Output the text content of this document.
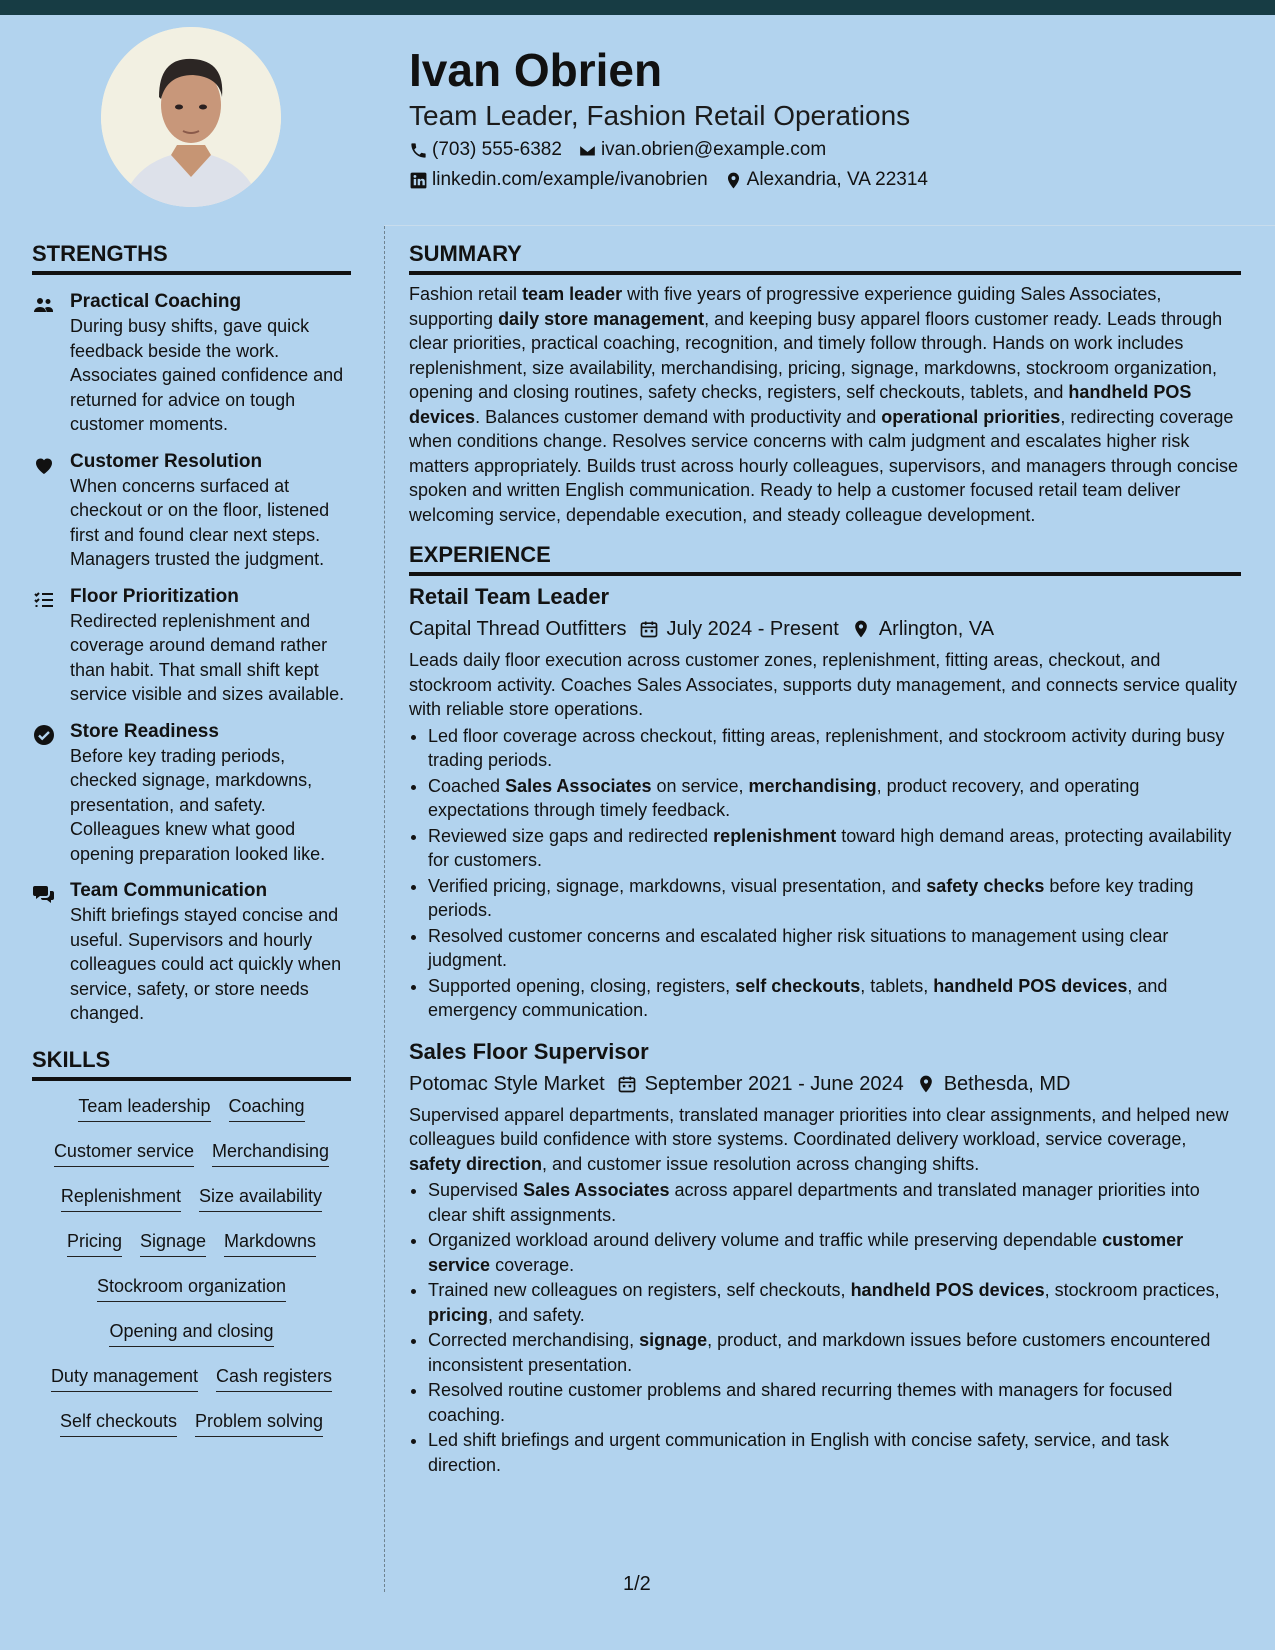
Ivan Obrien
Team Leader, Fashion Retail Operations
(703) 555-6382 ivan.obrien@example.com
linkedin.com/example/ivanobrien Alexandria, VA 22314
STRENGTHS
Practical Coaching
During busy shifts, gave quick feedback beside the work. Associates gained confidence and returned for advice on tough customer moments.
Customer Resolution
When concerns surfaced at checkout or on the floor, listened first and found clear next steps. Managers trusted the judgment.
Floor Prioritization
Redirected replenishment and coverage around demand rather than habit. That small shift kept service visible and sizes available.
Store Readiness
Before key trading periods, checked signage, markdowns, presentation, and safety. Colleagues knew what good opening preparation looked like.
Team Communication
Shift briefings stayed concise and useful. Supervisors and hourly colleagues could act quickly when service, safety, or store needs changed.
SKILLS
Team leadership Coaching
Customer service Merchandising
Replenishment Size availability
Pricing Signage Markdowns
Stockroom organization
Opening and closing
Duty management Cash registers
Self checkouts Problem solving
SUMMARY
Fashion retail team leader with five years of progressive experience guiding Sales Associates, supporting daily store management, and keeping busy apparel floors customer ready. Leads through clear priorities, practical coaching, recognition, and timely follow through. Hands on work includes replenishment, size availability, merchandising, pricing, signage, markdowns, stockroom organization, opening and closing routines, safety checks, registers, self checkouts, tablets, and handheld POS devices. Balances customer demand with productivity and operational priorities, redirecting coverage when conditions change. Resolves service concerns with calm judgment and escalates higher risk matters appropriately. Builds trust across hourly colleagues, supervisors, and managers through concise spoken and written English communication. Ready to help a customer focused retail team deliver welcoming service, dependable execution, and steady colleague development.
EXPERIENCE
Retail Team Leader
Capital Thread Outfitters July 2024 - Present Arlington, VA
Leads daily floor execution across customer zones, replenishment, fitting areas, checkout, and stockroom activity. Coaches Sales Associates, supports duty management, and connects service quality with reliable store operations.
• Led floor coverage across checkout, fitting areas, replenishment, and stockroom activity during busy trading periods.
• Coached Sales Associates on service, merchandising, product recovery, and operating expectations through timely feedback.
• Reviewed size gaps and redirected replenishment toward high demand areas, protecting availability for customers.
• Verified pricing, signage, markdowns, visual presentation, and safety checks before key trading periods.
• Resolved customer concerns and escalated higher risk situations to management using clear judgment.
• Supported opening, closing, registers, self checkouts, tablets, handheld POS devices, and emergency communication.
Sales Floor Supervisor
Potomac Style Market September 2021 - June 2024 Bethesda, MD
Supervised apparel departments, translated manager priorities into clear assignments, and helped new colleagues build confidence with store systems. Coordinated delivery workload, service coverage, safety direction, and customer issue resolution across changing shifts.
• Supervised Sales Associates across apparel departments and translated manager priorities into clear shift assignments.
• Organized workload around delivery volume and traffic while preserving dependable customer service coverage.
• Trained new colleagues on registers, self checkouts, handheld POS devices, stockroom practices, pricing, and safety.
• Corrected merchandising, signage, product, and markdown issues before customers encountered inconsistent presentation.
• Resolved routine customer problems and shared recurring themes with managers for focused coaching.
• Led shift briefings and urgent communication in English with concise safety, service, and task direction.
1/2
